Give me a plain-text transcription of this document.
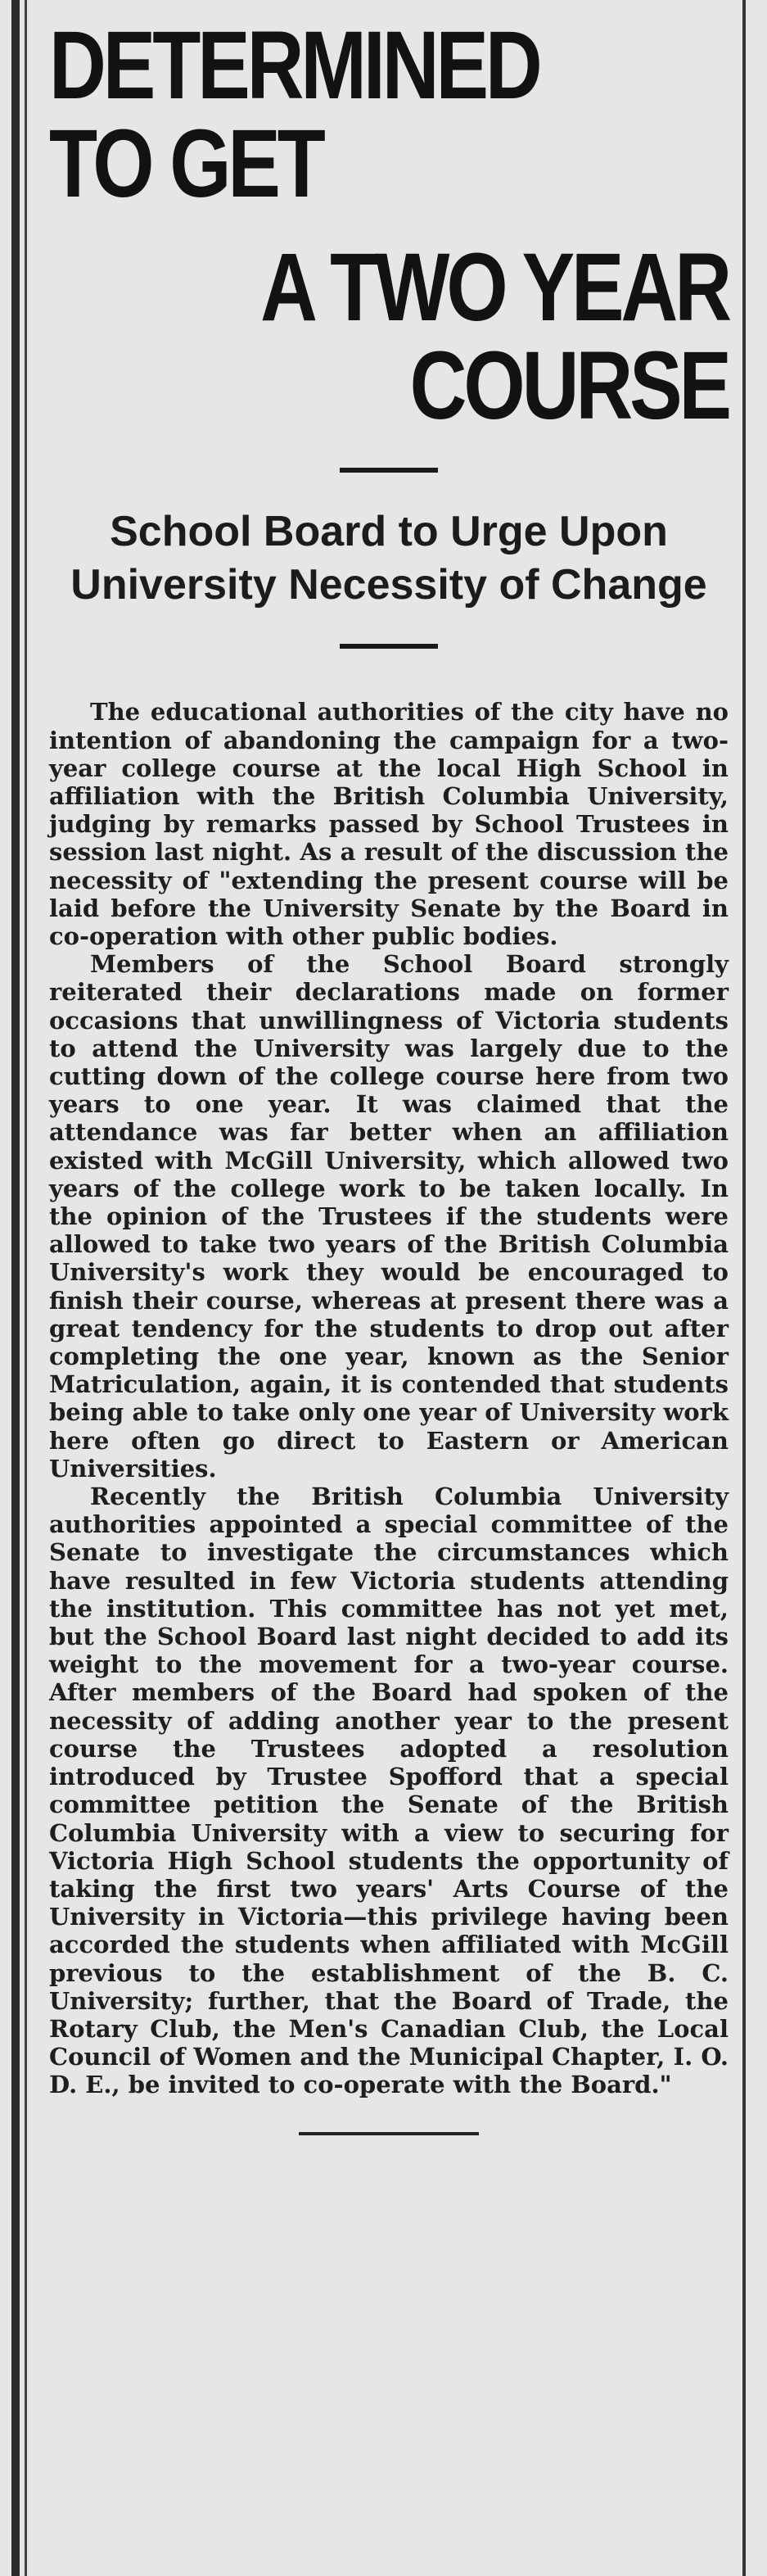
DETERMINED TO GET
A TWO YEAR COURSE
School Board to Urge Upon University Necessity of Change

The educational authorities of the city have no intention of abandoning the campaign for a two-year college course at the local High School in affiliation with the British Columbia University, judging by remarks passed by School Trustees in session last night. As a result of the discussion the necessity of "extending the present course will be laid before the University Senate by the Board in co-operation with other public bodies.

Members of the School Board strongly reiterated their declarations made on former occasions that unwillingness of Victoria students to attend the University was largely due to the cutting down of the college course here from two years to one year. It was claimed that the attendance was far better when an affiliation existed with McGill University, which allowed two years of the college work to be taken locally. In the opinion of the Trustees if the students were allowed to take two years of the British Columbia University's work they would be encouraged to finish their course, whereas at present there was a great tendency for the students to drop out after completing the one year, known as the Senior Matriculation, again, it is contended that students being able to take only one year of University work here often go direct to Eastern or American Universities.

Recently the British Columbia University authorities appointed a special committee of the Senate to investigate the circumstances which have resulted in few Victoria students attending the institution. This committee has not yet met, but the School Board last night decided to add its weight to the movement for a two-year course. After members of the Board had spoken of the necessity of adding another year to the present course the Trustees adopted a resolution introduced by Trustee Spofford that a special committee petition the Senate of the British Columbia University with a view to securing for Victoria High School students the opportunity of taking the first two years' Arts Course of the University in Victoria—this privilege having been accorded the students when affiliated with McGill previous to the establishment of the B. C. University; further, that the Board of Trade, the Rotary Club, the Men's Canadian Club, the Local Council of Women and the Municipal Chapter, I. O. D. E., be invited to co-operate with the Board."
